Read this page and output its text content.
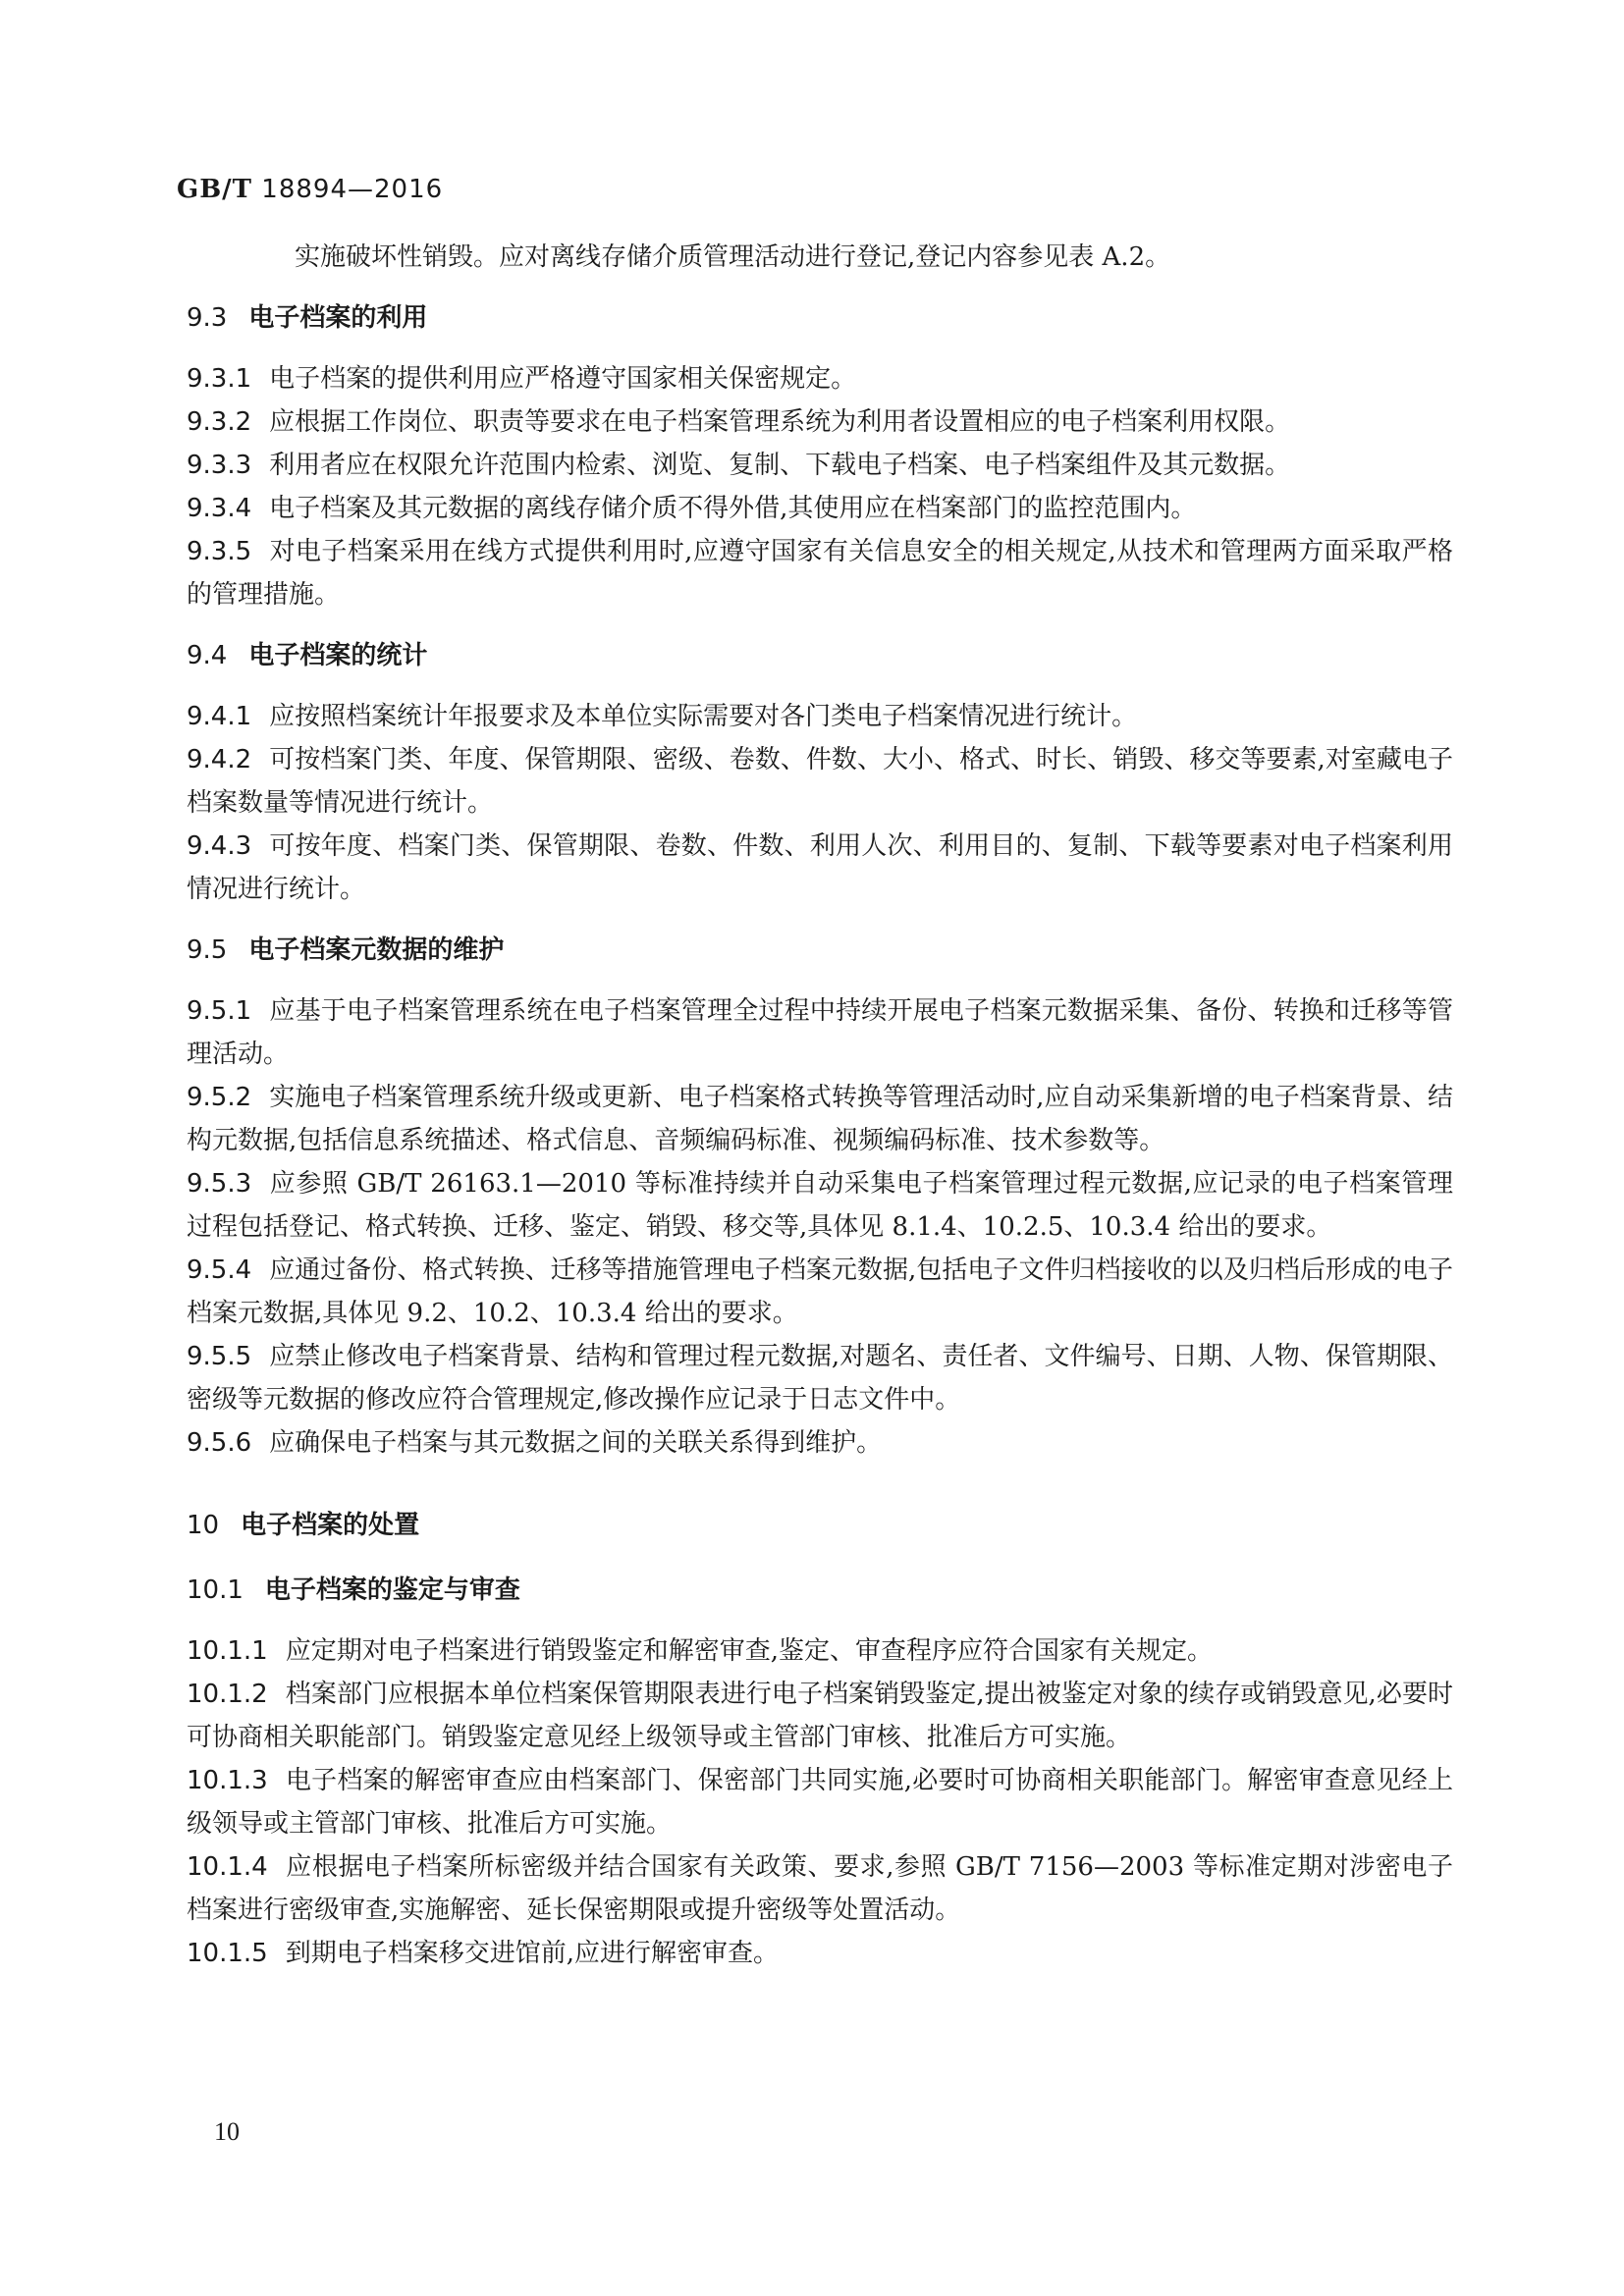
GB/T 18894—2016
实施破坏性销毁。应对离线存储介质管理活动进行登记,登记内容参见表 A.2。
9.3 电子档案的利用
9.3.1 电子档案的提供利用应严格遵守国家相关保密规定。
9.3.2 应根据工作岗位、职责等要求在电子档案管理系统为利用者设置相应的电子档案利用权限。
9.3.3 利用者应在权限允许范围内检索、浏览、复制、下载电子档案、电子档案组件及其元数据。
9.3.4 电子档案及其元数据的离线存储介质不得外借,其使用应在档案部门的监控范围内。
9.3.5 对电子档案采用在线方式提供利用时,应遵守国家有关信息安全的相关规定,从技术和管理两方面采取严格的管理措施。
9.4 电子档案的统计
9.4.1 应按照档案统计年报要求及本单位实际需要对各门类电子档案情况进行统计。
9.4.2 可按档案门类、年度、保管期限、密级、卷数、件数、大小、格式、时长、销毁、移交等要素,对室藏电子档案数量等情况进行统计。
9.4.3 可按年度、档案门类、保管期限、卷数、件数、利用人次、利用目的、复制、下载等要素对电子档案利用情况进行统计。
9.5 电子档案元数据的维护
9.5.1 应基于电子档案管理系统在电子档案管理全过程中持续开展电子档案元数据采集、备份、转换和迁移等管理活动。
9.5.2 实施电子档案管理系统升级或更新、电子档案格式转换等管理活动时,应自动采集新增的电子档案背景、结构元数据,包括信息系统描述、格式信息、音频编码标准、视频编码标准、技术参数等。
9.5.3 应参照 GB/T 26163.1—2010 等标准持续并自动采集电子档案管理过程元数据,应记录的电子档案管理过程包括登记、格式转换、迁移、鉴定、销毁、移交等,具体见 8.1.4、10.2.5、10.3.4 给出的要求。
9.5.4 应通过备份、格式转换、迁移等措施管理电子档案元数据,包括电子文件归档接收的以及归档后形成的电子档案元数据,具体见 9.2、10.2、10.3.4 给出的要求。
9.5.5 应禁止修改电子档案背景、结构和管理过程元数据,对题名、责任者、文件编号、日期、人物、保管期限、密级等元数据的修改应符合管理规定,修改操作应记录于日志文件中。
9.5.6 应确保电子档案与其元数据之间的关联关系得到维护。
10 电子档案的处置
10.1 电子档案的鉴定与审查
10.1.1 应定期对电子档案进行销毁鉴定和解密审查,鉴定、审查程序应符合国家有关规定。
10.1.2 档案部门应根据本单位档案保管期限表进行电子档案销毁鉴定,提出被鉴定对象的续存或销毁意见,必要时可协商相关职能部门。销毁鉴定意见经上级领导或主管部门审核、批准后方可实施。
10.1.3 电子档案的解密审查应由档案部门、保密部门共同实施,必要时可协商相关职能部门。解密审查意见经上级领导或主管部门审核、批准后方可实施。
10.1.4 应根据电子档案所标密级并结合国家有关政策、要求,参照 GB/T 7156—2003 等标准定期对涉密电子档案进行密级审查,实施解密、延长保密期限或提升密级等处置活动。
10.1.5 到期电子档案移交进馆前,应进行解密审查。
10
